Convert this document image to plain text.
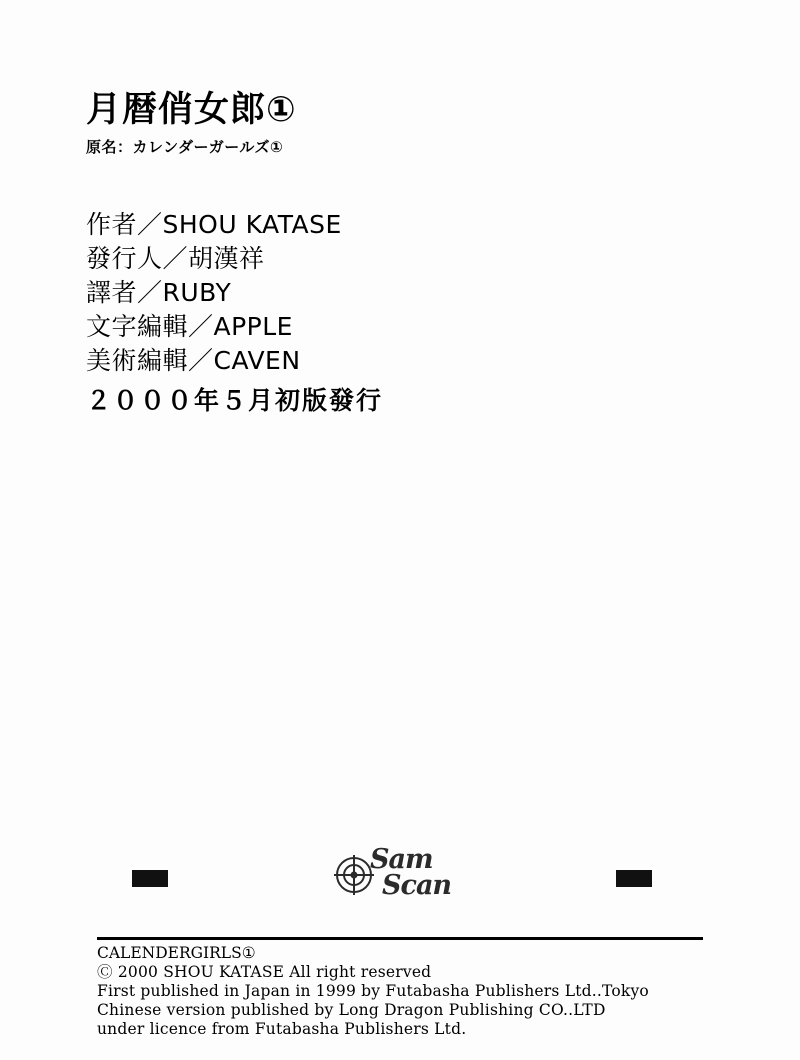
月暦俏女郎①
原名：カレンダーガールズ①
作者／SHOU KATASE
發行人／胡漢祥
譯者／RUBY
文字編輯／APPLE
美術編輯／CAVEN
２０００年５月初版發行
Sam
Scan
CALENDERGIRLS①
Ⓒ 2000 SHOU KATASE All right reserved
First published in Japan in 1999 by Futabasha Publishers Ltd..Tokyo
Chinese version published by Long Dragon Publishing CO..LTD
under licence from Futabasha Publishers Ltd.
